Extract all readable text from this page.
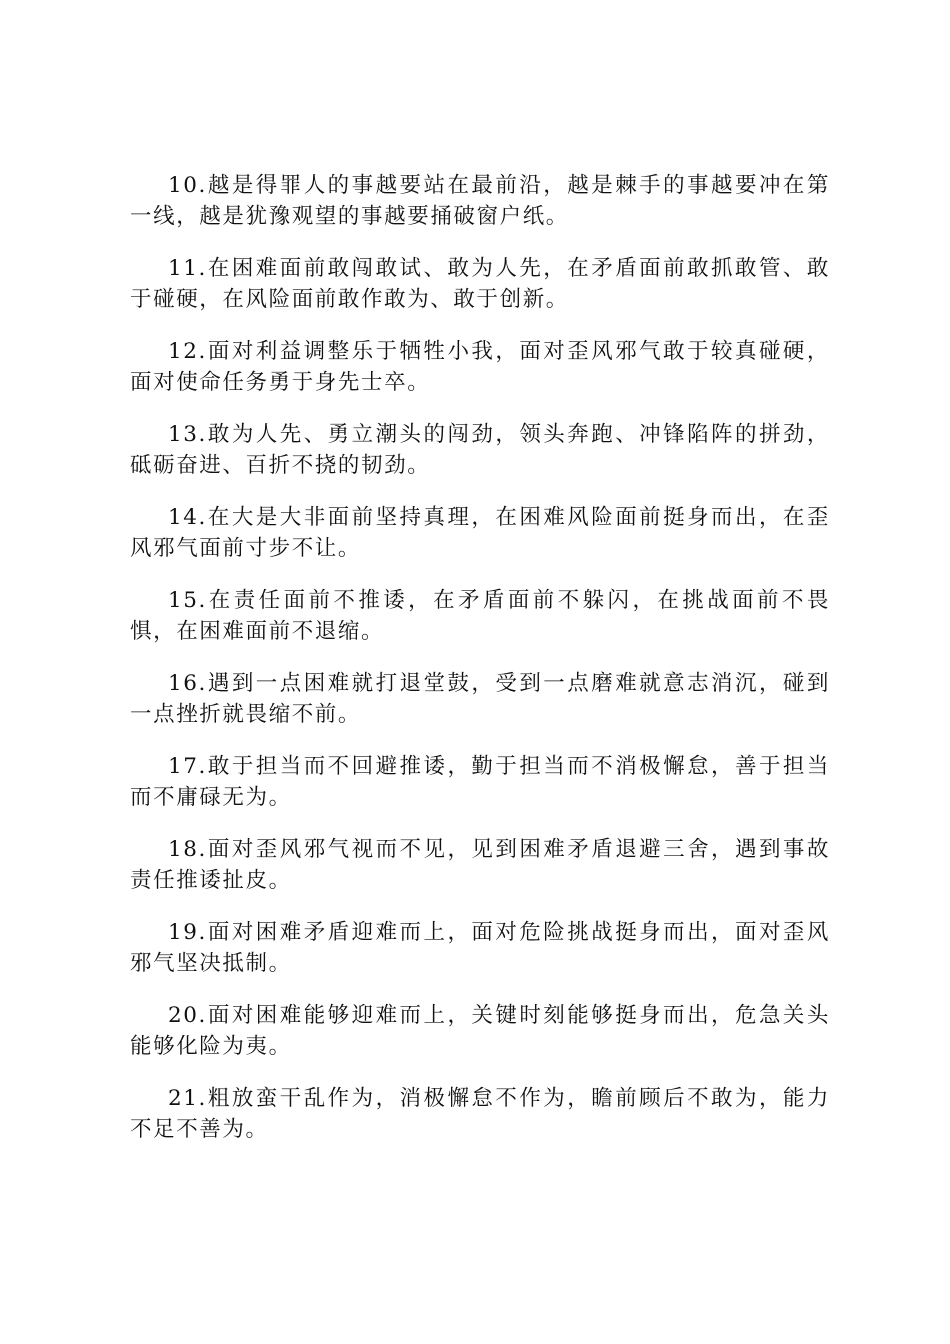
10.越是得罪人的事越要站在最前沿，越是棘手的事越要冲在第一线，越是犹豫观望的事越要捅破窗户纸。

11.在困难面前敢闯敢试、敢为人先，在矛盾面前敢抓敢管、敢于碰硬，在风险面前敢作敢为、敢于创新。

12.面对利益调整乐于牺牲小我，面对歪风邪气敢于较真碰硬，面对使命任务勇于身先士卒。

13.敢为人先、勇立潮头的闯劲，领头奔跑、冲锋陷阵的拼劲，砥砺奋进、百折不挠的韧劲。

14.在大是大非面前坚持真理，在困难风险面前挺身而出，在歪风邪气面前寸步不让。

15.在责任面前不推诿，在矛盾面前不躲闪，在挑战面前不畏惧，在困难面前不退缩。

16.遇到一点困难就打退堂鼓，受到一点磨难就意志消沉，碰到一点挫折就畏缩不前。

17.敢于担当而不回避推诿，勤于担当而不消极懈怠，善于担当而不庸碌无为。

18.面对歪风邪气视而不见，见到困难矛盾退避三舍，遇到事故责任推诿扯皮。

19.面对困难矛盾迎难而上，面对危险挑战挺身而出，面对歪风邪气坚决抵制。

20.面对困难能够迎难而上，关键时刻能够挺身而出，危急关头能够化险为夷。

21.粗放蛮干乱作为，消极懈怠不作为，瞻前顾后不敢为，能力不足不善为。
